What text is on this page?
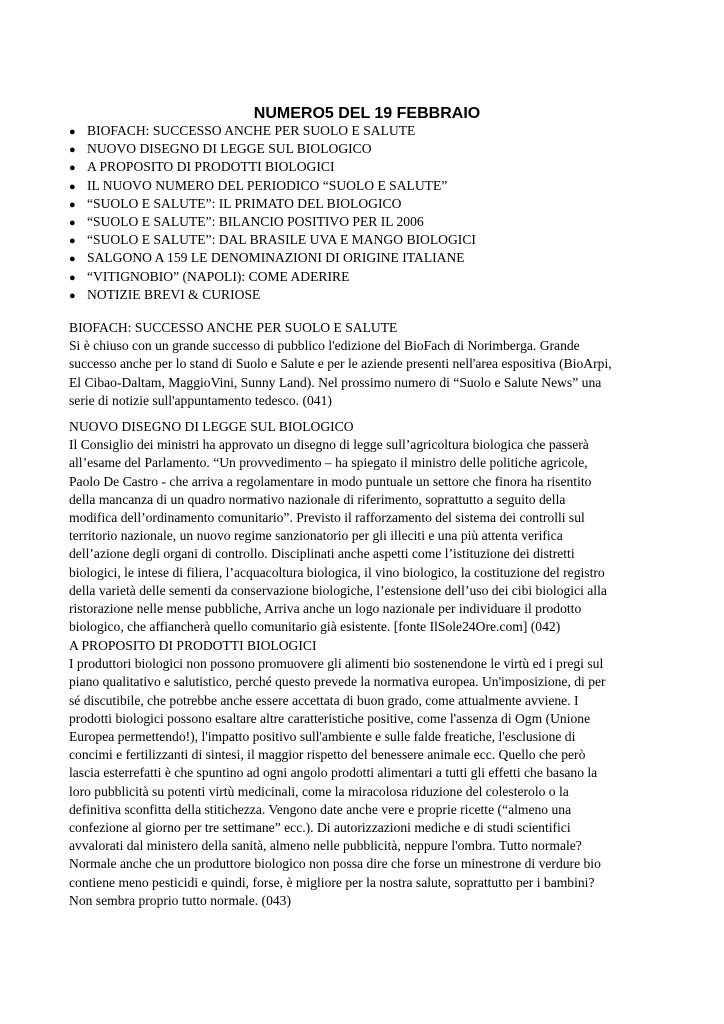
NUMERO5 DEL 19 FEBBRAIO
● BIOFACH: SUCCESSO ANCHE PER SUOLO E SALUTE
● NUOVO DISEGNO DI LEGGE SUL BIOLOGICO
● A PROPOSITO DI PRODOTTI BIOLOGICI
● IL NUOVO NUMERO DEL PERIODICO “SUOLO E SALUTE”
● “SUOLO E SALUTE”: IL PRIMATO DEL BIOLOGICO
● “SUOLO E SALUTE”: BILANCIO POSITIVO PER IL 2006
● “SUOLO E SALUTE”: DAL BRASILE UVA E MANGO BIOLOGICI
● SALGONO A 159 LE DENOMINAZIONI DI ORIGINE ITALIANE
● “VITIGNOBIO” (NAPOLI): COME ADERIRE
● NOTIZIE BREVI & CURIOSE
BIOFACH: SUCCESSO ANCHE PER SUOLO E SALUTE
Si è chiuso con un grande successo di pubblico l'edizione del BioFach di Norimberga. Grande
successo anche per lo stand di Suolo e Salute e per le aziende presenti nell'area espositiva (BioArpi,
El Cibao-Daltam, MaggioVini, Sunny Land). Nel prossimo numero di “Suolo e Salute News” una
serie di notizie sull'appuntamento tedesco. (041)
NUOVO DISEGNO DI LEGGE SUL BIOLOGICO
Il Consiglio dei ministri ha approvato un disegno di legge sull’agricoltura biologica che passerà
all’esame del Parlamento. “Un provvedimento – ha spiegato il ministro delle politiche agricole,
Paolo De Castro - che arriva a regolamentare in modo puntuale un settore che finora ha risentito
della mancanza di un quadro normativo nazionale di riferimento, soprattutto a seguito della
modifica dell’ordinamento comunitario”. Previsto il rafforzamento del sistema dei controlli sul
territorio nazionale, un nuovo regime sanzionatorio per gli illeciti e una più attenta verifica
dell’azione degli organi di controllo. Disciplinati anche aspetti come l’istituzione dei distretti
biologici, le intese di filiera, l’acquacoltura biologica, il vino biologico, la costituzione del registro
della varietà delle sementi da conservazione biologiche, l’estensione dell’uso dei cibi biologici alla
ristorazione nelle mense pubbliche, Arriva anche un logo nazionale per individuare il prodotto
biologico, che affiancherà quello comunitario già esistente. [fonte IlSole24Ore.com] (042)
A PROPOSITO DI PRODOTTI BIOLOGICI
I produttori biologici non possono promuovere gli alimenti bio sostenendone le virtù ed i pregi sul
piano qualitativo e salutistico, perché questo prevede la normativa europea. Un'imposizione, di per
sé discutibile, che potrebbe anche essere accettata di buon grado, come attualmente avviene. I
prodotti biologici possono esaltare altre caratteristiche positive, come l'assenza di Ogm (Unione
Europea permettendo!), l'impatto positivo sull'ambiente e sulle falde freatiche, l'esclusione di
concimi e fertilizzanti di sintesi, il maggior rispetto del benessere animale ecc. Quello che però
lascia esterrefatti è che spuntino ad ogni angolo prodotti alimentari a tutti gli effetti che basano la
loro pubblicità su potenti virtù medicinali, come la miracolosa riduzione del colesterolo o la
definitiva sconfitta della stitichezza. Vengono date anche vere e proprie ricette (“almeno una
confezione al giorno per tre settimane” ecc.). Di autorizzazioni mediche e di studi scientifici
avvalorati dal ministero della sanità, almeno nelle pubblicità, neppure l'ombra. Tutto normale?
Normale anche che un produttore biologico non possa dire che forse un minestrone di verdure bio
contiene meno pesticidi e quindi, forse, è migliore per la nostra salute, soprattutto per i bambini?
Non sembra proprio tutto normale. (043)
